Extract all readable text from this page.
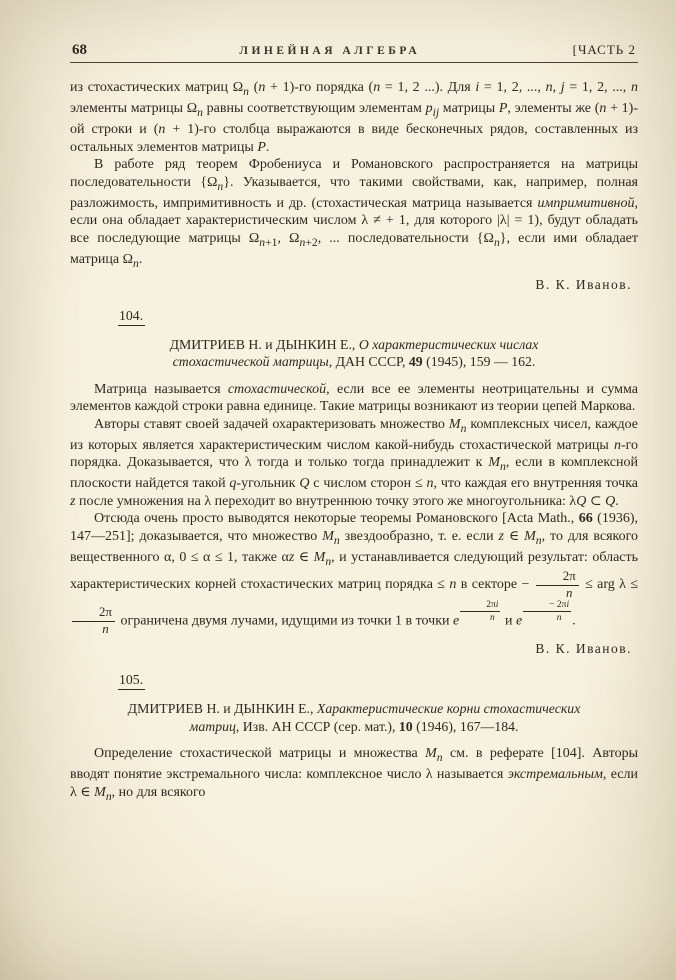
68	ЛИНЕЙНАЯ АЛГЕБРА	[ЧАСТЬ 2

из стохастических матриц $\Omega_n$ (n + 1)-го порядка (n = 1, 2 ...). Для i = 1, 2, ..., n, j = 1, 2, ..., n элементы матрицы $\Omega_n$ равны соответствующим элементам $p_{ij}$ матрицы P, элементы же (n + 1)-ой строки и (n + 1)-го столбца выражаются в виде бесконечных рядов, составленных из остальных элементов матрицы P.

В работе ряд теорем Фробениуса и Романовского распространяется на матрицы последовательности $\{\Omega_n\}$. Указывается, что такими свойствами, как, например, полная разложимость, импримитивность и др. (стохастическая матрица называется импримитивной, если она обладает характеристическим числом λ ≠ + 1, для которого |λ| = 1), будут обладать все последующие матрицы $\Omega_{n+1}$, $\Omega_{n+2}$, ... последовательности $\{\Omega_n\}$, если ими обладает матрица $\Omega_n$.

В. К. Иванов.

104.

ДМИТРИЕВ Н. и ДЫНКИН Е., О характеристических числах стохастической матрицы, ДАН СССР, 49 (1945), 159 — 162.

Матрица называется стохастической, если все ее элементы неотрицательны и сумма элементов каждой строки равна единице. Такие матрицы возникают из теории цепей Маркова.

Авторы ставят своей задачей охарактеризовать множество $M_n$ комплексных чисел, каждое из которых является характеристическим числом какой-нибудь стохастической матрицы n-го порядка. Доказывается, что λ тогда и только тогда принадлежит к $M_n$, если в комплексной плоскости найдется такой q-угольник Q с числом сторон ≤ n, что каждая его внутренняя точка z после умножения на λ переходит во внутреннюю точку этого же многоугольника: λQ ⊂ Q.

Отсюда очень просто выводятся некоторые теоремы Романовского [Acta Math., 66 (1936), 147—251]; доказывается, что множество $M_n$ звездообразно, т. е. если z ∈ $M_n$, то для всякого вещественного α, 0 ≤ α ≤ 1, также αz ∈ $M_n$, и устанавливается следующий результат: область характеристических корней стохастических матриц порядка ≤ n в секторе − $\frac{2\pi}{n}$ ≤ arg λ ≤
$\frac{2\pi}{n}$ ограничена двумя лучами, идущими из точки 1 в точки e $\frac{2\pi i}{n}$ и e $\frac{- 2\pi i}{n}$ .

В. К. Иванов.

105.

ДМИТРИЕВ Н. и ДЫНКИН Е., Характеристические корни стохастических матриц, Изв. АН СССР (сер. мат.), 10 (1946), 167—184.

Определение стохастической матрицы и множества $M_n$ см. в реферате [104]. Авторы вводят понятие экстремального числа: комплексное число λ называется экстремальным, если λ ∈ $M_n$, но для всякого
